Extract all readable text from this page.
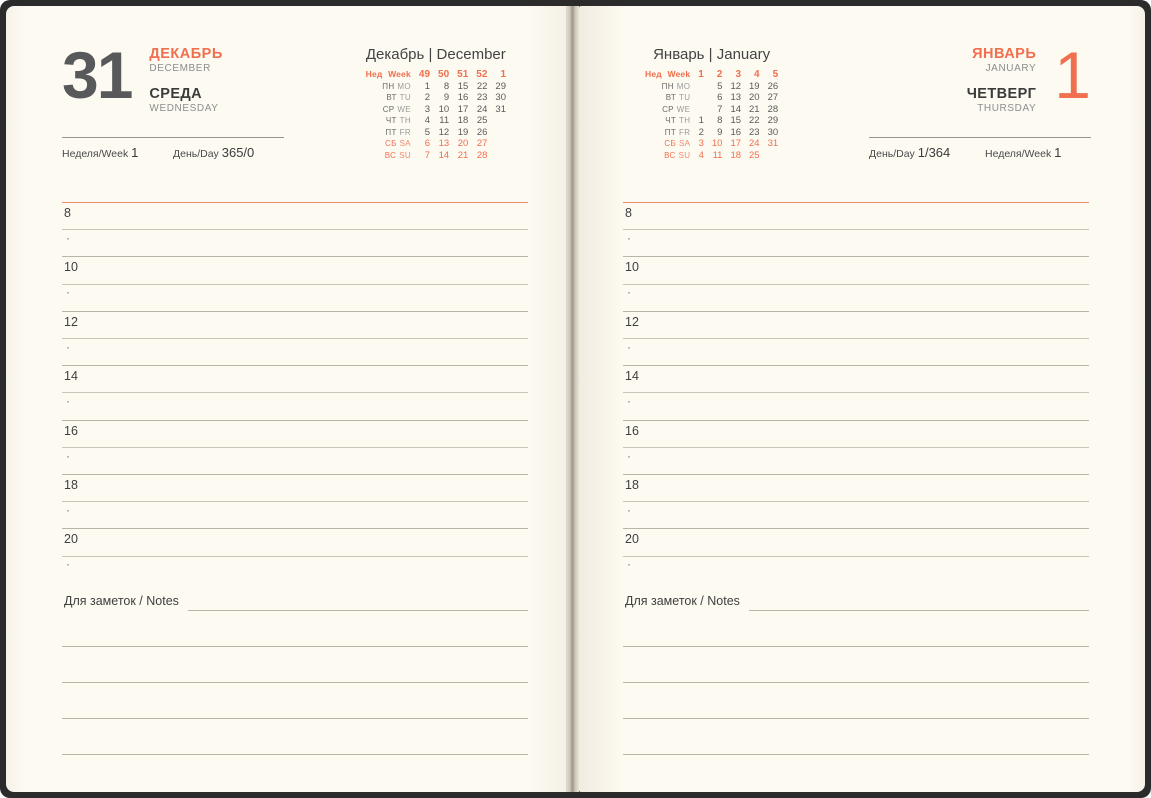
31 ДЕКАБРЬ
DECEMBER
СРЕДА
WEDNESDAY
Декабрь | December
Нед Week	49	50	51	52	1
ПН MO	1	8	15	22	29
ВТ TU	2	9	16	23	30
СР WE	3	10	17	24	31
ЧТ TH	4	11	18	25	
ПТ FR	5	12	19	26	
СБ SA	6	13	20	27	
ВС SU	7	14	21	28	
Неделя/Week 1	День/Day 365/0
8
·
10
·
12
·
14
·
16
·
18
·
20
·
Для заметок / Notes
Январь | January
Нед Week	1	2	3	4	5
ПН MO		5	12	19	26
ВТ TU		6	13	20	27
СР WE		7	14	21	28
ЧТ TH	1	8	15	22	29
ПТ FR	2	9	16	23	30
СБ SA	3	10	17	24	31
ВС SU	4	11	18	25	
ЯНВАРЬ
JANUARY
ЧЕТВЕРГ
THURSDAY 1
День/Day 1/364	Неделя/Week 1
8
·
10
·
12
·
14
·
16
·
18
·
20
·
Для заметок / Notes
